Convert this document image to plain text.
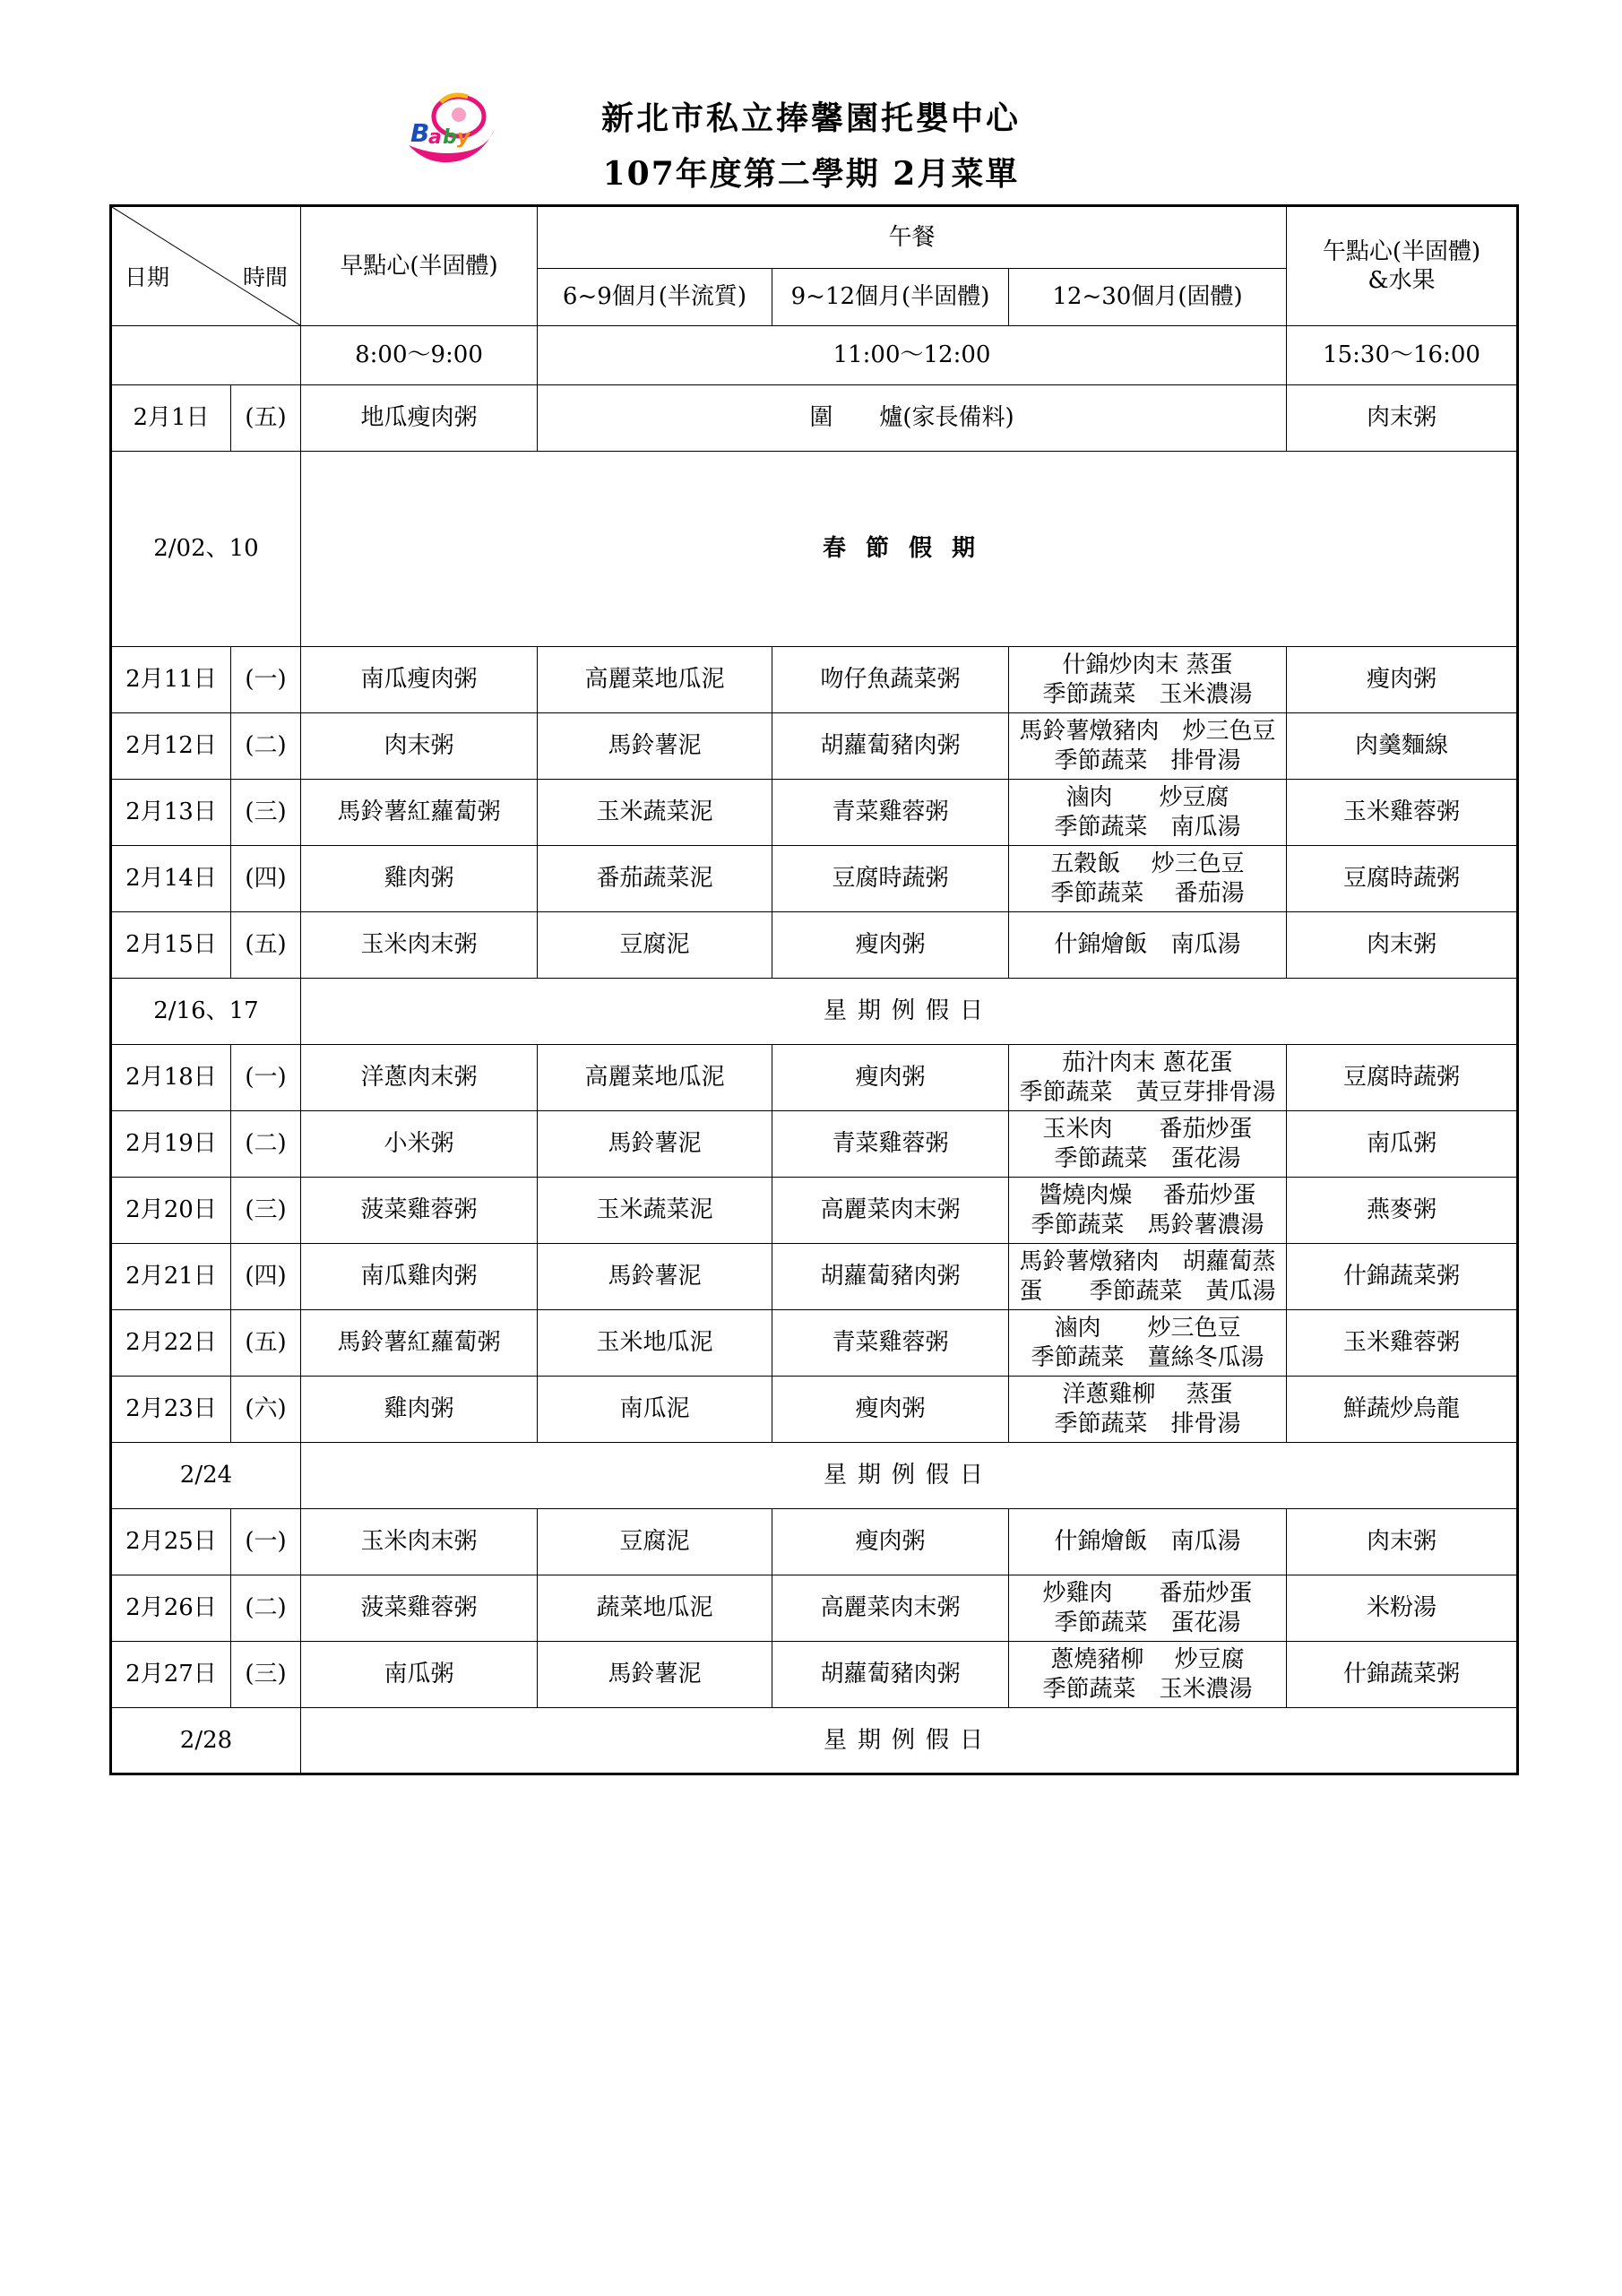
B
a b y
新北市私立捧馨園托嬰中心
107年度第二學期 2月菜單
日期 時間		早點心(半固體)	午餐			午點心(半固體)
&水果
			6~9個月(半流質)	9~12個月(半固體)	12~30個月(固體)	
		8:00～9:00	11:00～12:00			15:30～16:00
2月1日	(五)	地瓜瘦肉粥	圍　　爐(家長備料)			肉末粥
2/02、10		春節假期				
2月11日	(一)	南瓜瘦肉粥	高麗菜地瓜泥	吻仔魚蔬菜粥	什錦炒肉末 蒸蛋
季節蔬菜　玉米濃湯	瘦肉粥
2月12日	(二)	肉末粥	馬鈴薯泥	胡蘿蔔豬肉粥	馬鈴薯燉豬肉　炒三色豆
季節蔬菜　排骨湯	肉羹麵線
2月13日	(三)	馬鈴薯紅蘿蔔粥	玉米蔬菜泥	青菜雞蓉粥	滷肉　　炒豆腐
季節蔬菜　南瓜湯	玉米雞蓉粥
2月14日	(四)	雞肉粥	番茄蔬菜泥	豆腐時蔬粥	五穀飯　 炒三色豆
季節蔬菜　 番茄湯	豆腐時蔬粥
2月15日	(五)	玉米肉末粥	豆腐泥	瘦肉粥	什錦燴飯　南瓜湯	肉末粥
2/16、17		星期例假日				
2月18日	(一)	洋蔥肉末粥	高麗菜地瓜泥	瘦肉粥	茄汁肉末 蔥花蛋
季節蔬菜　黃豆芽排骨湯	豆腐時蔬粥
2月19日	(二)	小米粥	馬鈴薯泥	青菜雞蓉粥	玉米肉　　番茄炒蛋
季節蔬菜　蛋花湯	南瓜粥
2月20日	(三)	菠菜雞蓉粥	玉米蔬菜泥	高麗菜肉末粥	醬燒肉燥　 番茄炒蛋
季節蔬菜　馬鈴薯濃湯	燕麥粥
2月21日	(四)	南瓜雞肉粥	馬鈴薯泥	胡蘿蔔豬肉粥	馬鈴薯燉豬肉　胡蘿蔔蒸
蛋　　季節蔬菜　黃瓜湯	什錦蔬菜粥
2月22日	(五)	馬鈴薯紅蘿蔔粥	玉米地瓜泥	青菜雞蓉粥	滷肉　　炒三色豆
季節蔬菜　薑絲冬瓜湯	玉米雞蓉粥
2月23日	(六)	雞肉粥	南瓜泥	瘦肉粥	洋蔥雞柳　 蒸蛋
季節蔬菜　排骨湯	鮮蔬炒烏龍
2/24		星期例假日				
2月25日	(一)	玉米肉末粥	豆腐泥	瘦肉粥	什錦燴飯　南瓜湯	肉末粥
2月26日	(二)	菠菜雞蓉粥	蔬菜地瓜泥	高麗菜肉末粥	炒雞肉　　番茄炒蛋
季節蔬菜　蛋花湯	米粉湯
2月27日	(三)	南瓜粥	馬鈴薯泥	胡蘿蔔豬肉粥	蔥燒豬柳　 炒豆腐
季節蔬菜　玉米濃湯	什錦蔬菜粥
2/28		星期例假日				
